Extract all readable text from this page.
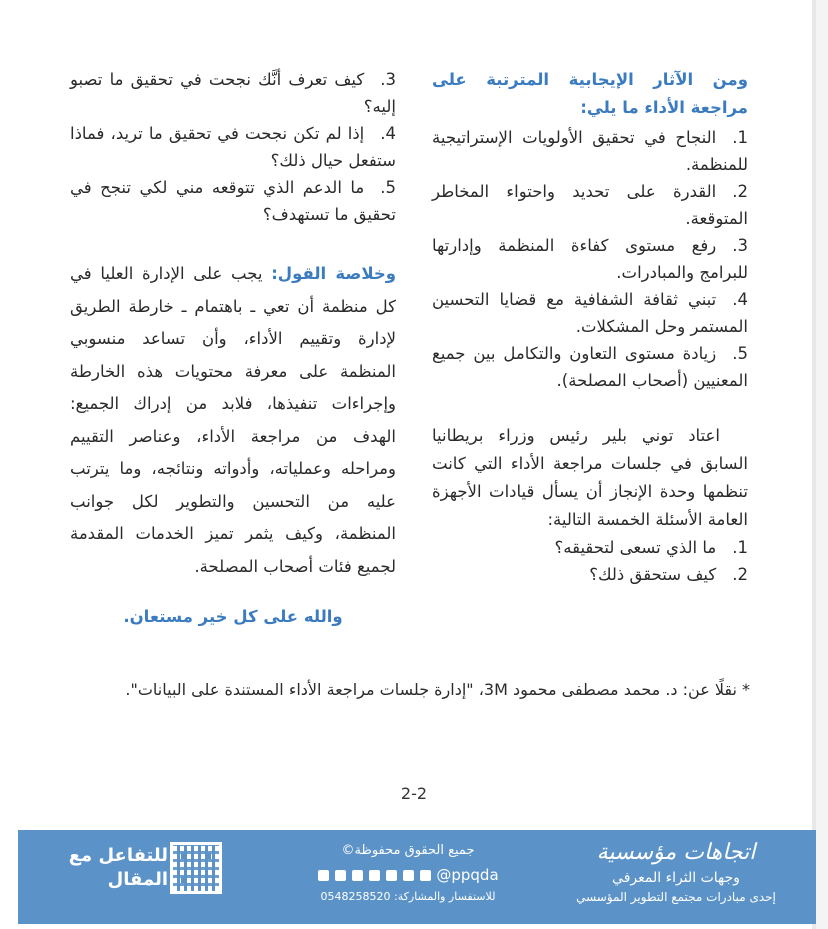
ومن الآثار الإيجابية المترتبة على مراجعة الأداء ما يلي:

1.النجاح في تحقيق الأولويات الإستراتيجية للمنظمة.
2.القدرة على تحديد واحتواء المخاطر المتوقعة.
3.رفع مستوى كفاءة المنظمة وإدارتها للبرامج والمبادرات.
4.تبني ثقافة الشفافية مع قضايا التحسين المستمر وحل المشكلات.
5.زيادة مستوى التعاون والتكامل بين جميع المعنيين (أصحاب المصلحة).

اعتاد توني بلير رئيس وزراء بريطانيا السابق في جلسات مراجعة الأداء التي كانت تنظمها وحدة الإنجاز أن يسأل قيادات الأجهزة العامة الأسئلة الخمسة التالية:

1.ما الذي تسعى لتحقيقه؟
2.كيف ستحقق ذلك؟
3.كيف تعرف أنَّك نجحت في تحقيق ما تصبو إليه؟
4.إذا لم تكن نجحت في تحقيق ما تريد، فماذا ستفعل حيال ذلك؟
5.ما الدعم الذي تتوقعه مني لكي تنجح في تحقيق ما تستهدف؟

وخلاصة القول: يجب على الإدارة العليا في كل منظمة أن تعي ـ باهتمام ـ خارطة الطريق لإدارة وتقييم الأداء، وأن تساعد منسوبي المنظمة على معرفة محتويات هذه الخارطة وإجراءات تنفيذها، فلابد من إدراك الجميع: الهدف من مراجعة الأداء، وعناصر التقييم ومراحله وعملياته، وأدواته ونتائجه، وما يترتب عليه من التحسين والتطوير لكل جوانب المنظمة، وكيف يثمر تميز الخدمات المقدمة لجميع فئات أصحاب المصلحة.

والله على كل خير مستعان.
* نقلًا عن: د. محمد مصطفى محمود 3M، "إدارة جلسات مراجعة الأداء المستندة على البيانات".
2-2
اتجاهات مؤسسية
وجهات الثراء المعرفي
إحدى مبادرات مجتمع التطوير المؤسسي
جميع الحقوق محفوظة©
@ppqda
للاستفسار والمشاركة: 0548258520
للتفاعل مع المقال
